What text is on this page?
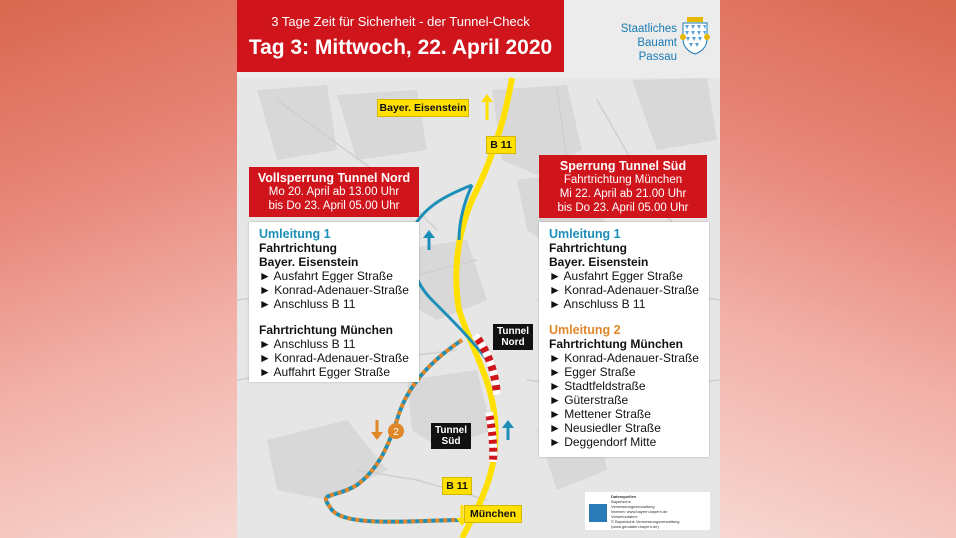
2
3 Tage Zeit für Sicherheit - der Tunnel-Check
Tag 3: Mittwoch, 22. April 2020
Staatliches Bauamt
Passau
Bayer. Eisenstein
B 11
B 11
München
Tunnel Nord
Tunnel Süd
Vollsperrung Tunnel Nord
Mo 20. April ab 13.00 Uhr
bis Do 23. April 05.00 Uhr
Sperrung Tunnel Süd
Fahrtrichtung München
Mi 22. April ab 21.00 Uhr
bis Do 23. April 05.00 Uhr
Umleitung 1
Fahrtrichtung
Bayer. Eisenstein
► Ausfahrt Egger Straße
► Konrad-Adenauer-Straße
► Anschluss B 11
Fahrtrichtung München
► Anschluss B 11
► Konrad-Adenauer-Straße
► Auffahrt Egger Straße
Umleitung 1
Fahrtrichtung
Bayer. Eisenstein
► Ausfahrt Egger Straße
► Konrad-Adenauer-Straße
► Anschluss B 11
Umleitung 2
Fahrtrichtung München
► Konrad-Adenauer-Straße
► Egger Straße
► Stadtfeldstraße
► Güterstraße
► Mettener Straße
► Neusiedler Straße
► Deggendorf Mitte
Datenquellen
Bayerische
Vermessungsverwaltung
Internet: www.bayern.bayern.de
Verkehrsdaten:
© Bayerische Vermessungsverwaltung (www.geodaten.bayern.de)
